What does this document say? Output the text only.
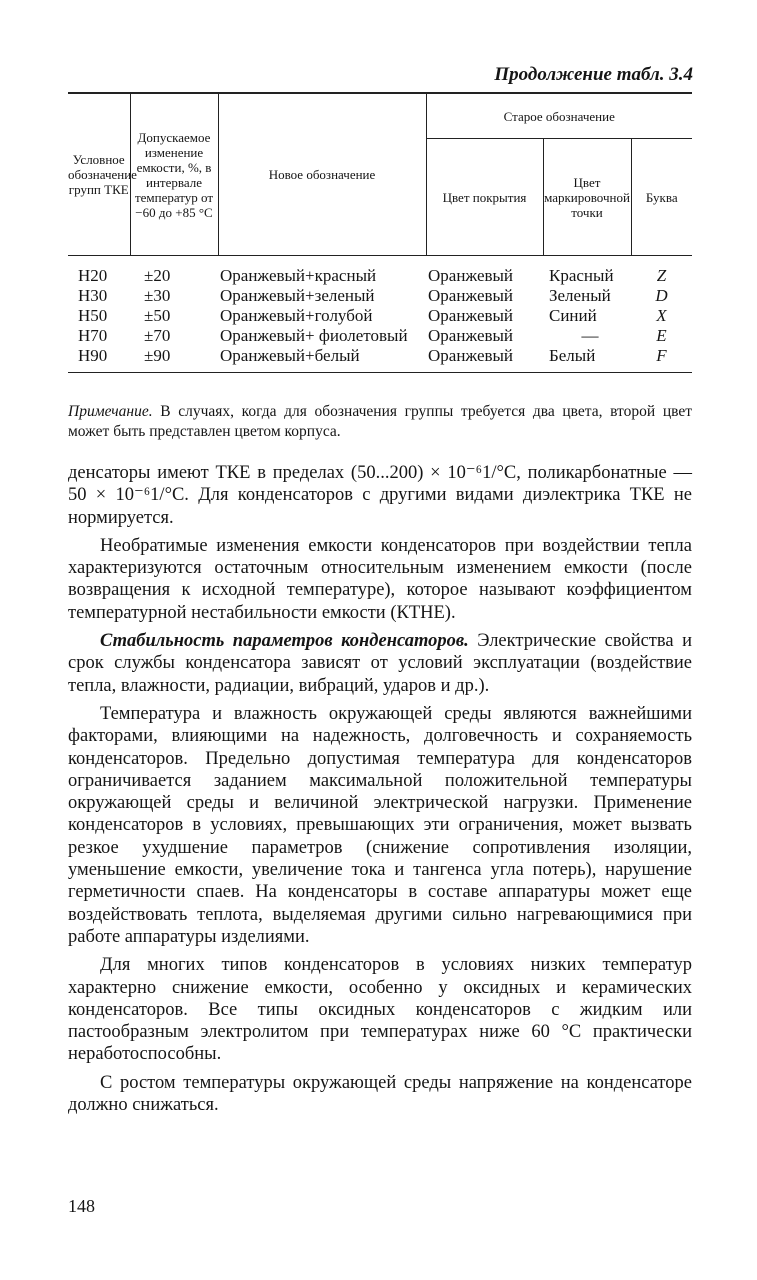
Продолжение табл. 3.4
Условное обозначение групп ТКЕ	Допускаемое изменение емкости, %, в интервале температур от −60 до +85 °С	Новое обозначение	Старое обозначение		
			Цвет покрытия	Цвет маркировочной точки	Буква
Н20	±20	Оранжевый+красный	Оранжевый	Красный	Z
Н30	±30	Оранжевый+зеленый	Оранжевый	Зеленый	D
Н50	±50	Оранжевый+голубой	Оранжевый	Синий	X
Н70	±70	Оранжевый+ фиолетовый	Оранжевый	—	E
Н90	±90	Оранжевый+белый	Оранжевый	Белый	F
Примечание. В случаях, когда для обозначения группы требуется два цвета, второй цвет может быть представлен цветом корпуса.

денсаторы имеют ТКЕ в пределах (50...200) × 10⁻⁶1/°С, поликарбонатные — 50 × 10⁻⁶1/°С. Для конденсаторов с другими видами диэлектрика ТКЕ не нормируется.

Необратимые изменения емкости конденсаторов при воздействии тепла характеризуются остаточным относительным изменением емкости (после возвращения к исходной температуре), которое называют коэффициентом температурной нестабильности емкости (КТНЕ).

Стабильность параметров конденсаторов. Электрические свойства и срок службы конденсатора зависят от условий эксплуатации (воздействие тепла, влажности, радиации, вибраций, ударов и др.).

Температура и влажность окружающей среды являются важнейшими факторами, влияющими на надежность, долговечность и сохраняемость конденсаторов. Предельно допустимая температура для конденсаторов ограничивается заданием максимальной положительной температуры окружающей среды и величиной электрической нагрузки. Применение конденсаторов в условиях, превышающих эти ограничения, может вызвать резкое ухудшение параметров (снижение сопротивления изоляции, уменьшение емкости, увеличение тока и тангенса угла потерь), нарушение герметичности спаев. На конденсаторы в составе аппаратуры может еще воздействовать теплота, выделяемая другими сильно нагревающимися при работе аппаратуры изделиями.

Для многих типов конденсаторов в условиях низких температур характерно снижение емкости, особенно у оксидных и керамических конденсаторов. Все типы оксидных конденсаторов с жидким или пастообразным электролитом при температурах ниже 60 °С практически неработоспособны.

С ростом температуры окружающей среды напряжение на конденсаторе должно снижаться.

148
